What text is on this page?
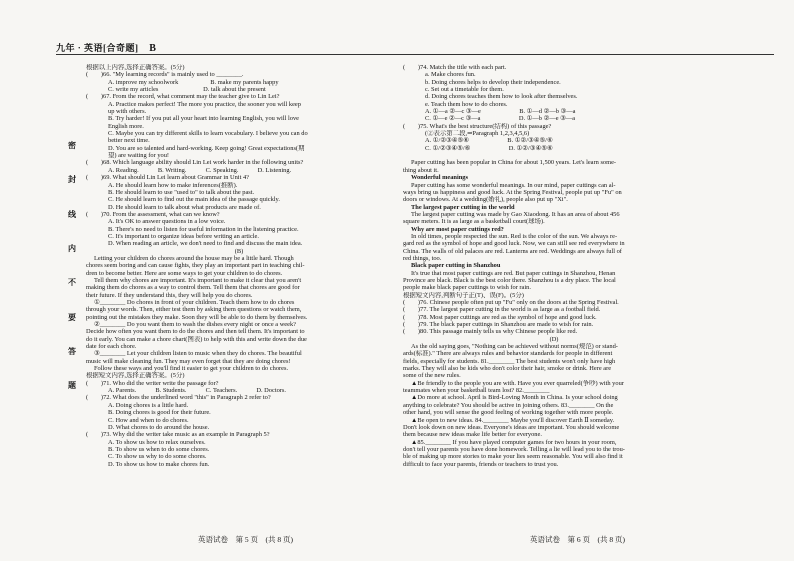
九年 · 英语[合奇题] B
密
封
线
内
不
要
答
题
根据以上内容,选择正确答案。(5分)
(　　)66. "My learning records" is mainly used to ________.
A. improve my schoolwork　　　　　B. make my parents happy
C. write my articles　　　　　　　D. talk about the present
(　　)67. From the record, what comment may the teacher give to Lin Lei?
A. Practice makes perfect! The more you practice, the sooner you will keep
up with others.
B. Try harder! If you put all your heart into learning English, you will love
English more.
C. Maybe you can try different skills to learn vocabulary. I believe you can do
better next time.
D. You are so talented and hard-working. Keep going! Great expectations(期
望) are waiting for you!
(　　)68. Which language ability should Lin Lei work harder in the following units?
A. Reading.　　　B. Writing.　　　C. Speaking.　　　D. Listening.
(　　)69. What should Lin Lei learn about Grammar in Unit 4?
A. He should learn how to make inferences(推断).
B. He should learn to use "used to" to talk about the past.
C. He should learn to find out the main idea of the passage quickly.
D. He should learn to talk about what products are made of.
(　　)70. From the assessment, what can we know?
A. It's OK to answer questions in a low voice.
B. There's no need to listen for useful information in the listening practice.
C. It's important to organize ideas before writing an article.
D. When reading an article, we don't need to find and discuss the main idea.
(B)
Letting your children do chores around the house may be a little hard. Though
chores seem boring and can cause fights, they play an important part in teaching chil-
dren to become better. Here are some ways to get your children to do chores.
Tell them why chores are important. It's important to make it clear that you aren't
making them do chores as a way to control them. Tell them that chores are good for
their future. If they understand this, they will help you do chores.
①________ Do chores in front of your children. Teach them how to do chores
through your words. Then, either test them by asking them questions or watch them,
pointing out the mistakes they make. Soon they will be able to do them by themselves.
②________ Do you want them to wash the dishes every night or once a week?
Decide how often you want them to do the chores and then tell them. It's important to
do it early. You can make a chore chart(图表) to help with this and write down the due
date for each chore.
③________ Let your children listen to music when they do chores. The beautiful
music will make cleaning fun. They may even forget that they are doing chores!
Follow these ways and you'll find it easier to get your children to do chores.
根据短文内容,选择正确答案。(5分)
(　　)71. Who did the writer write the passage for?
A. Parents.　　　B. Students.　　　C. Teachers.　　　D. Doctors.
(　　)72. What does the underlined word "this" in Paragraph 2 refer to?
A. Doing chores is a little hard.
B. Doing chores is good for their future.
C. How and when to do chores.
D. What chores to do around the house.
(　　)73. Why did the writer take music as an example in Paragraph 5?
A. To show us how to relax ourselves.
B. To show us when to do some chores.
C. To show us why to do some chores.
D. To show us how to make chores fun.
(　　)74. Match the title with each part.
a. Make chores fun.
b. Doing chores helps to develop their independence.
c. Set out a timetable for them.
d. Doing chores teaches them how to look after themselves.
e. Teach them how to do chores.
A. ①—a ②—c ③—e　　　　　　B. ①—d ②—b ③—a
C. ①—e ②—c ③—a　　　　　　D. ①—b ②—e ③—a
(　　)75. What's the best structure(结构) of this passage?
(②表示第二段,⇒Paragraph 1,2,3,4,5,6)
A. ①/②③④⑤⑥　　　　　　B. ①②/③④⑤/⑥
C. ①/②③④⑤/⑥　　　　　　D. ①②/③④⑤⑥

Paper cutting has been popular in China for about 1,500 years. Let's learn some-
thing about it.
Wonderful meanings
Paper cutting has some wonderful meanings. In our mind, paper cuttings can al-
ways bring us happiness and good luck. At the Spring Festival, people put up "Fu" on
doors or windows. At a wedding(婚礼), people also put up "Xi".
The largest paper cutting in the world
The largest paper cutting was made by Gao Xiaodong. It has an area of about 456
square meters. It is as large as a basketball court(球场).
Why are most paper cuttings red?
In old times, people respected the sun. Red is the color of the sun. We always re-
gard red as the symbol of hope and good luck. Now, we can still see red everywhere in
China. The walls of old palaces are red. Lanterns are red. Weddings are always full of
red things, too.
Black paper cutting in Shanzhou
It's true that most paper cuttings are red. But paper cuttings in Shanzhou, Henan
Province are black. Black is the best color there. Shanzhou is a dry place. The local
people make black paper cuttings to wish for rain.
根据短文内容,判断句子正(T)、误(F)。(5分)
(　　)76. Chinese people often put up "Fu" only on the doors at the Spring Festival.
(　　)77. The largest paper cutting in the world is as large as a football field.
(　　)78. Most paper cuttings are red as the symbol of hope and good luck.
(　　)79. The black paper cuttings in Shanzhou are made to wish for rain.
(　　)80. This passage mainly tells us why Chinese people like red.
(D)
As the old saying goes, "Nothing can be achieved without norms(规范) or stand-
ards(标准)." There are always rules and behavior standards for people in different
fields, especially for students. 81.________ The best students won't only have high
marks. They will also be kids who don't color their hair, smoke or drink. Here are
some of the new rules.
▲Be friendly to the people you are with. Have you ever quarreled(争吵) with your
teammates when your basketball team lost? 82.________
▲Do more at school. April is Bird-Loving Month in China. Is your school doing
anything to celebrate? You should be active in joining others. 83.________ On the
other hand, you will sense the good feeling of working together with more people.
▲Be open to new ideas. 84.________ Maybe you'll discover Earth Ⅱ someday.
Don't look down on new ideas. Everyone's ideas are important. You should welcome
them because new ideas make life better for everyone.
▲85.________ If you have played computer games for two hours in your room,
don't tell your parents you have done homework. Telling a lie will lead you to the trou-
ble of making up more stories to make your lies seem reasonable. You will also find it
difficult to face your parents, friends or teachers to trust you.
英语试卷　第 5 页　(共 8 页)	英语试卷　第 6 页　(共 8 页)
